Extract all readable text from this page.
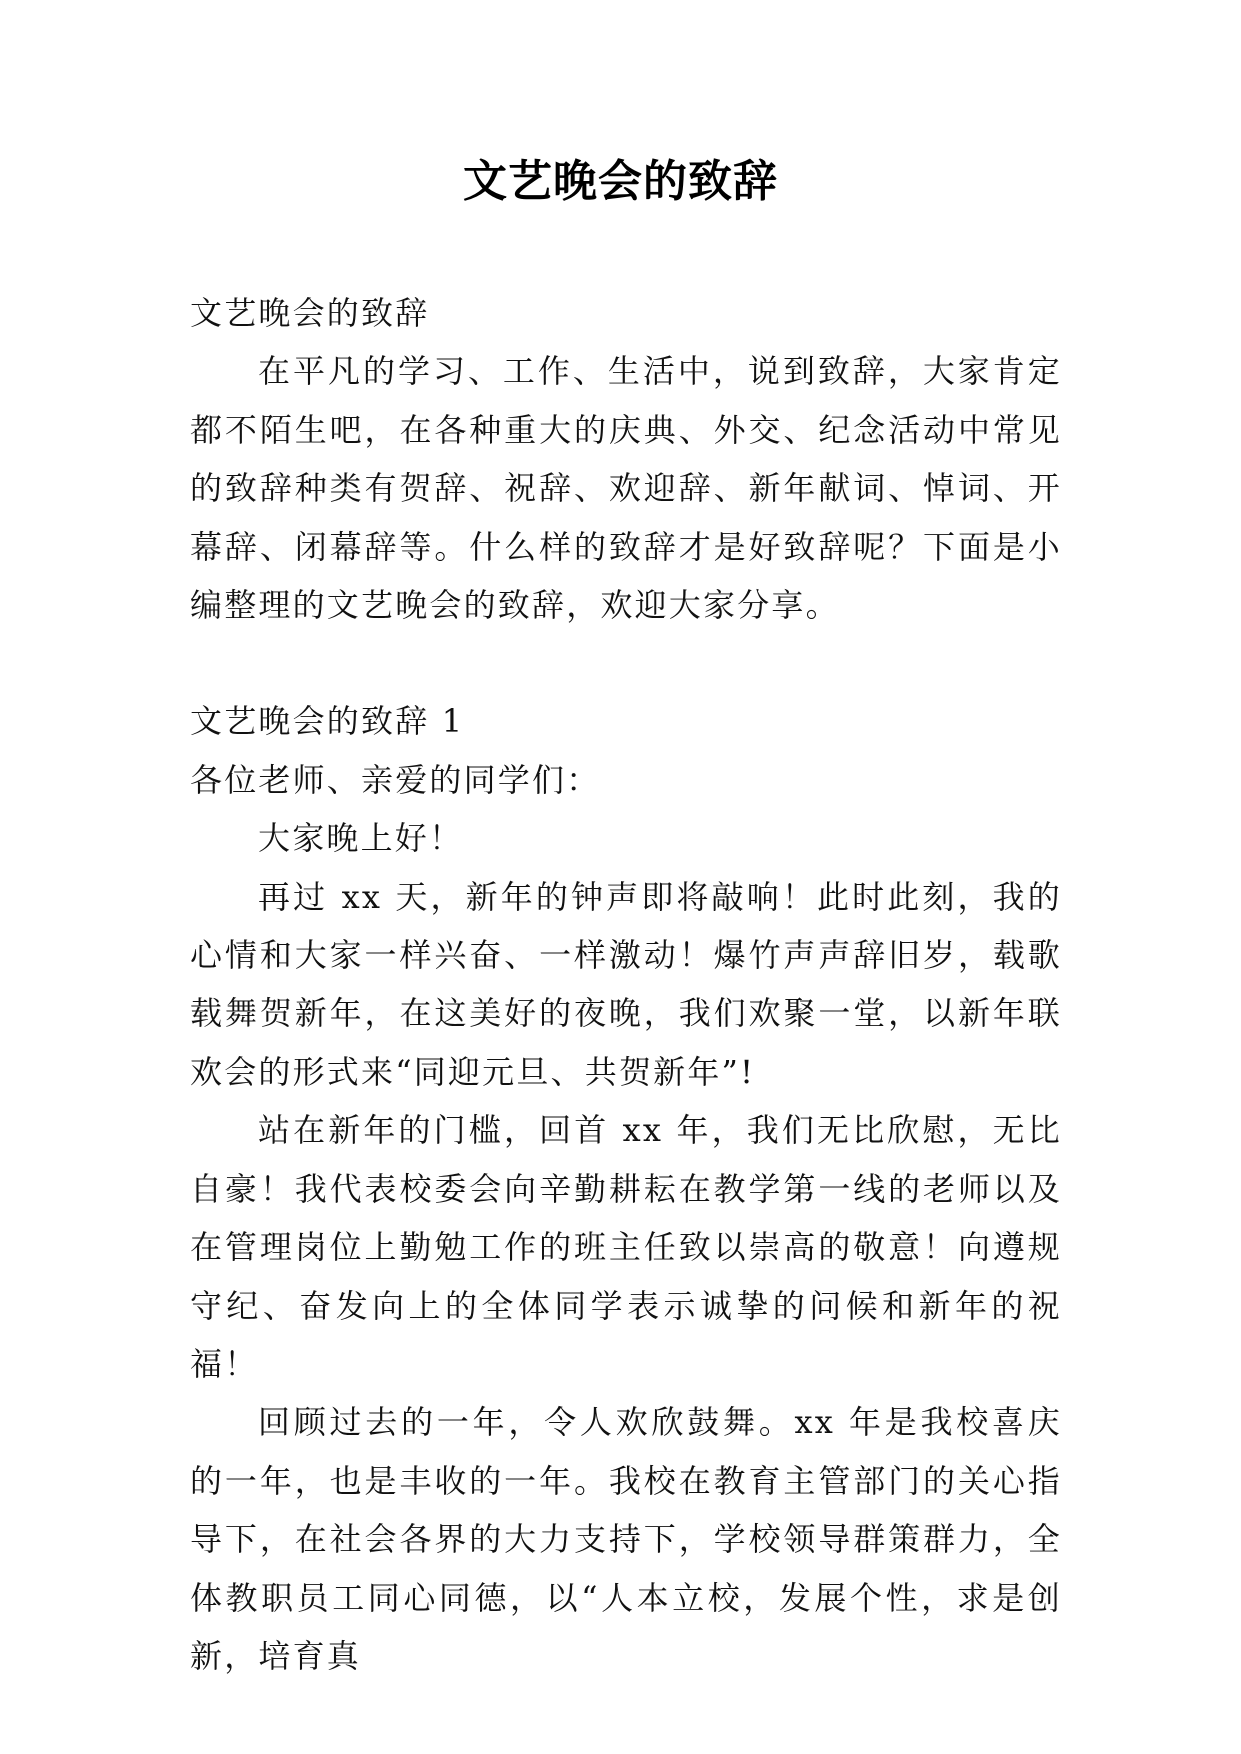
文艺晚会的致辞

文艺晚会的致辞

在平凡的学习、工作、生活中，说到致辞，大家肯定都不陌生吧，在各种重大的庆典、外交、纪念活动中常见的致辞种类有贺辞、祝辞、欢迎辞、新年献词、悼词、开幕辞、闭幕辞等。什么样的致辞才是好致辞呢？下面是小编整理的文艺晚会的致辞，欢迎大家分享。

文艺晚会的致辞 1

各位老师、亲爱的同学们：

大家晚上好！

再过 xx 天，新年的钟声即将敲响！此时此刻，我的心情和大家一样兴奋、一样激动！爆竹声声辞旧岁，载歌载舞贺新年，在这美好的夜晚，我们欢聚一堂，以新年联欢会的形式来“同迎元旦、共贺新年”!

站在新年的门槛，回首 xx 年，我们无比欣慰，无比自豪！我代表校委会向辛勤耕耘在教学第一线的老师以及在管理岗位上勤勉工作的班主任致以崇高的敬意！向遵规守纪、奋发向上的全体同学表示诚挚的问候和新年的祝福！

回顾过去的一年，令人欢欣鼓舞。xx 年是我校喜庆的一年，也是丰收的一年。我校在教育主管部门的关心指导下，在社会各界的大力支持下，学校领导群策群力，全体教职员工同心同德，以“人本立校，发展个性，求是创新，培育真
